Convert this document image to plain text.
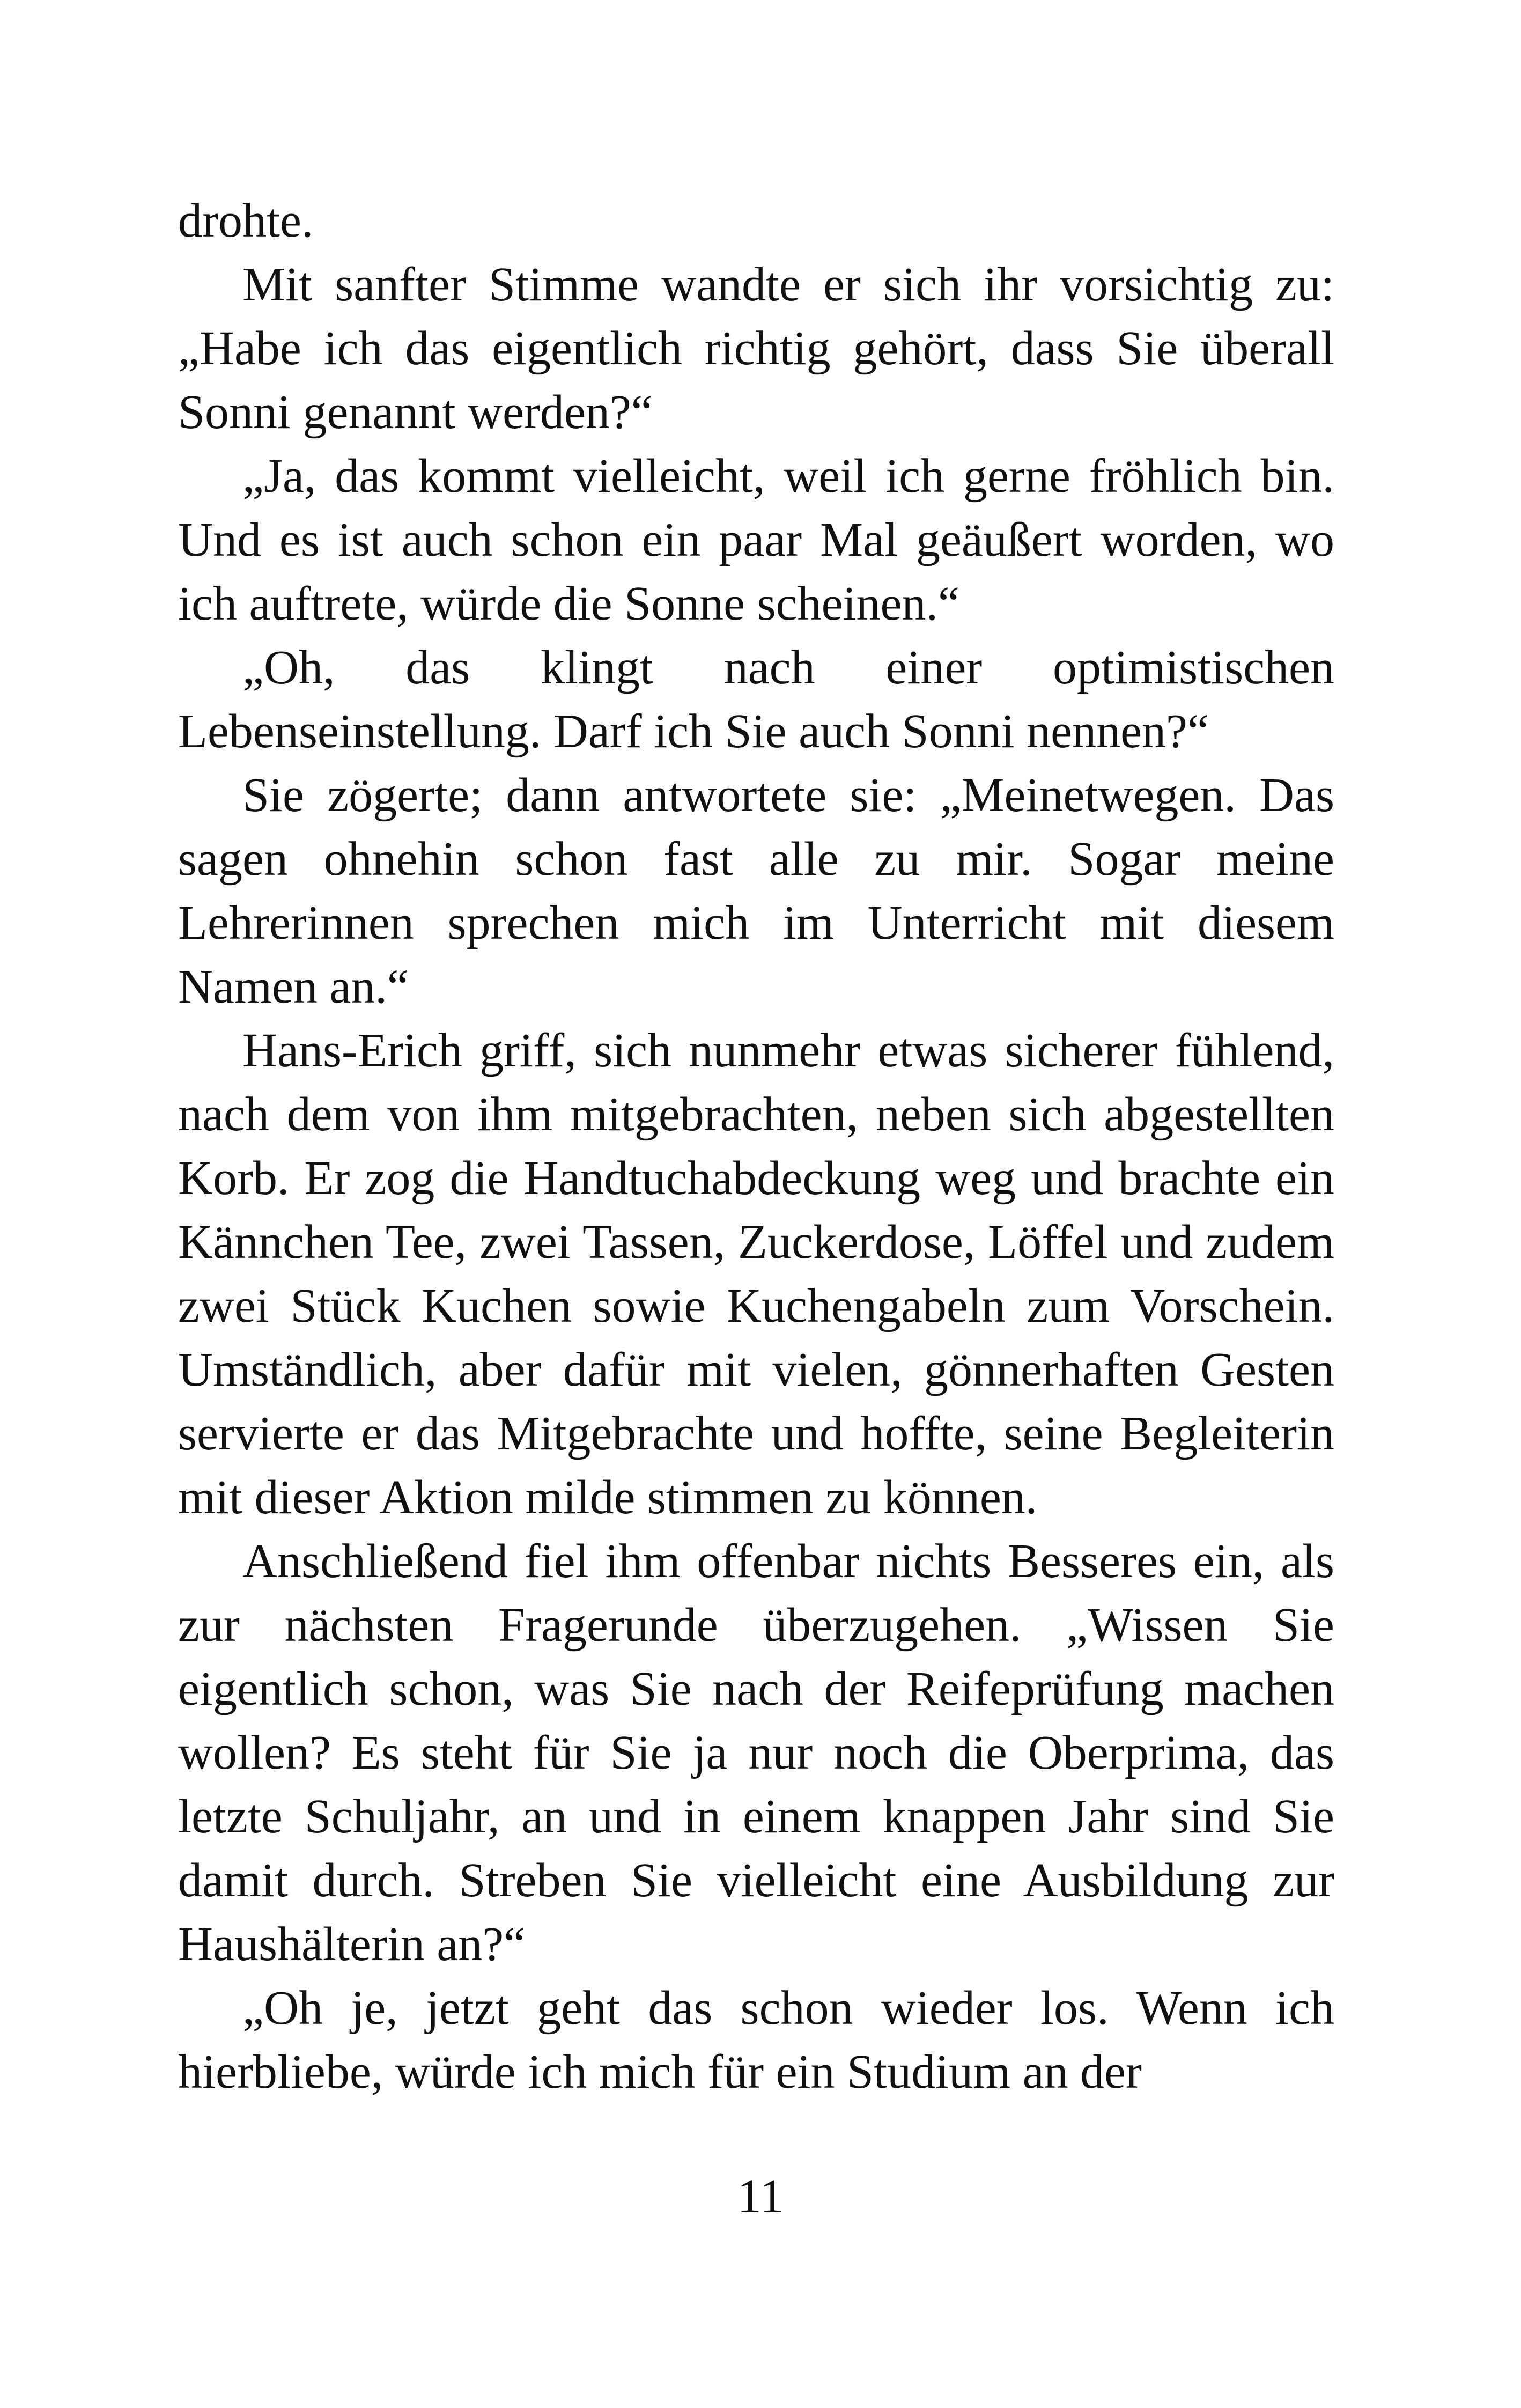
drohte.

Mit sanfter Stimme wandte er sich ihr vorsichtig zu: „Habe ich das eigentlich richtig gehört, dass Sie überall Sonni genannt werden?“

„Ja, das kommt vielleicht, weil ich gerne fröhlich bin. Und es ist auch schon ein paar Mal geäußert worden, wo ich auftrete, würde die Sonne scheinen.“

„Oh, das klingt nach einer optimistischen Lebenseinstellung. Darf ich Sie auch Sonni nennen?“

Sie zögerte; dann antwortete sie: „Meinetwegen. Das sagen ohnehin schon fast alle zu mir. Sogar meine Lehrerinnen sprechen mich im Unterricht mit diesem Namen an.“

Hans-Erich griff, sich nunmehr etwas sicherer fühlend, nach dem von ihm mitgebrachten, neben sich abgestellten Korb. Er zog die Handtuchabdeckung weg und brachte ein Kännchen Tee, zwei Tassen, Zuckerdose, Löffel und zudem zwei Stück Kuchen sowie Kuchengabeln zum Vorschein. Umständlich, aber dafür mit vielen, gönnerhaften Gesten servierte er das Mitgebrachte und hoffte, seine Begleiterin mit dieser Aktion milde stimmen zu können.

Anschließend fiel ihm offenbar nichts Besseres ein, als zur nächsten Fragerunde überzugehen. „Wissen Sie eigentlich schon, was Sie nach der Reifeprüfung machen wollen? Es steht für Sie ja nur noch die Oberprima, das letzte Schuljahr, an und in einem knappen Jahr sind Sie damit durch. Streben Sie vielleicht eine Ausbildung zur Haushälterin an?“

„Oh je, jetzt geht das schon wieder los. Wenn ich hierbliebe, würde ich mich für ein Studium an der

11
